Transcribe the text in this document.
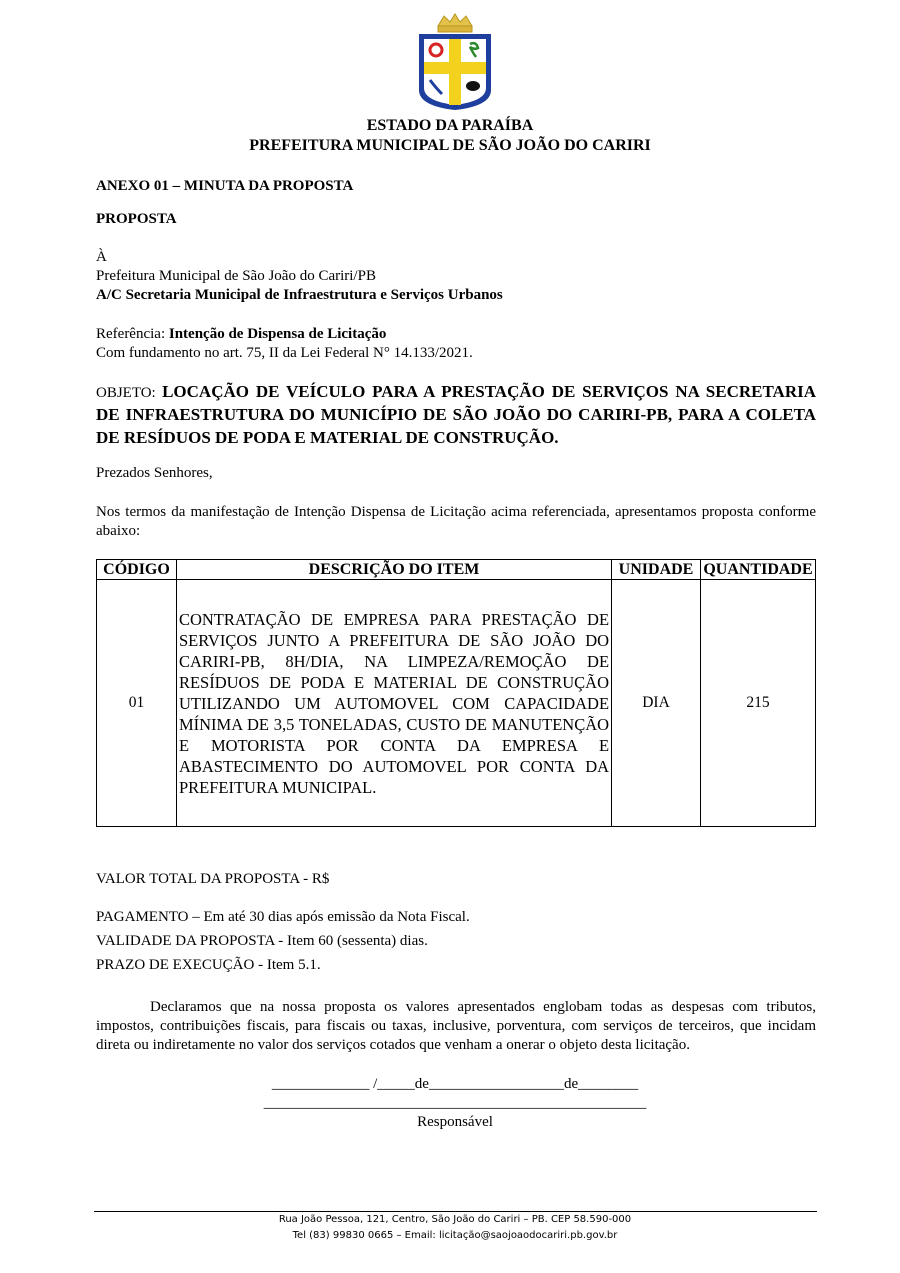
ESTADO DA PARAÍBA
PREFEITURA MUNICIPAL DE SÃO JOÃO DO CARIRI
ANEXO 01 – MINUTA DA PROPOSTA
PROPOSTA
À
Prefeitura Municipal de São João do Cariri/PB
A/C Secretaria Municipal de Infraestrutura e Serviços Urbanos
Referência: Intenção de Dispensa de Licitação
Com fundamento no art. 75, II da Lei Federal N° 14.133/2021.
OBJETO: LOCAÇÃO DE VEÍCULO PARA A PRESTAÇÃO DE SERVIÇOS NA SECRETARIA DE INFRAESTRUTURA DO MUNICÍPIO DE SÃO JOÃO DO CARIRI-PB, PARA A COLETA DE RESÍDUOS DE PODA E MATERIAL DE CONSTRUÇÃO.
Prezados Senhores,
Nos termos da manifestação de Intenção Dispensa de Licitação acima referenciada, apresentamos proposta conforme abaixo:
CÓDIGO	DESCRIÇÃO DO ITEM	UNIDADE	QUANTIDADE
01	CONTRATAÇÃO DE EMPRESA PARA PRESTAÇÃO DE SERVIÇOS JUNTO A PREFEITURA DE SÃO JOÃO DO CARIRI-PB, 8H/DIA, NA LIMPEZA/REMOÇÃO DE RESÍDUOS DE PODA E MATERIAL DE CONSTRUÇÃO UTILIZANDO UM AUTOMOVEL COM CAPACIDADE MÍNIMA DE 3,5 TONELADAS, CUSTO DE MANUTENÇÃO E MOTORISTA POR CONTA DA EMPRESA E ABASTECIMENTO DO AUTOMOVEL POR CONTA DA PREFEITURA MUNICIPAL.	DIA	215
VALOR TOTAL DA PROPOSTA - R$
PAGAMENTO – Em até 30 dias após emissão da Nota Fiscal.
VALIDADE DA PROPOSTA - Item 60 (sessenta) dias.
PRAZO DE EXECUÇÃO - Item 5.1.
Declaramos que na nossa proposta os valores apresentados englobam todas as despesas com tributos, impostos, contribuições fiscais, para fiscais ou taxas, inclusive, porventura, com serviços de terceiros, que incidam direta ou indiretamente no valor dos serviços cotados que venham a onerar o objeto desta licitação.
_____________ /_____de__________________de________
___________________________________________________
Responsável
Rua João Pessoa, 121, Centro, São João do Cariri – PB. CEP 58.590-000
Tel (83) 99830 0665 – Email: licitação@saojoaodocariri.pb.gov.br
